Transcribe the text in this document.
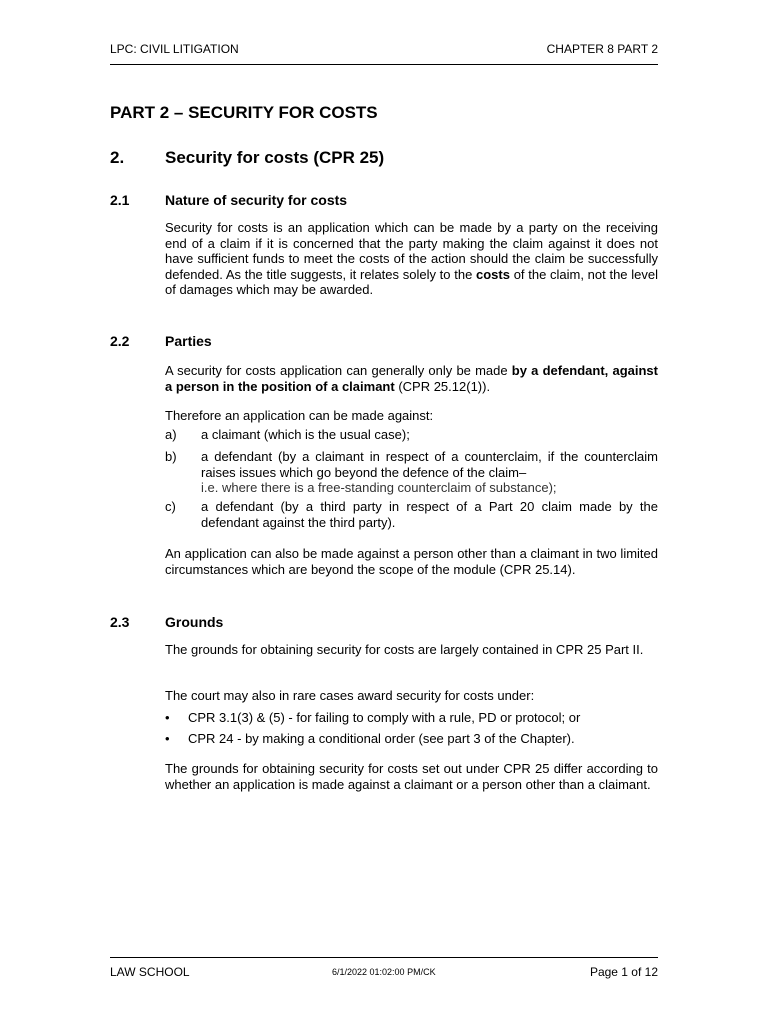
LPC: CIVIL LITIGATION	CHAPTER 8 PART 2
PART 2 – SECURITY FOR COSTS
2. Security for costs (CPR 25)
2.1	Nature of security for costs

Security for costs is an application which can be made by a party on the receiving end of a claim if it is concerned that the party making the claim against it does not have sufficient funds to meet the costs of the action should the claim be successfully defended. As the title suggests, it relates solely to the costs of the claim, not the level of damages which may be awarded.

2.2	Parties

A security for costs application can generally only be made by a defendant, against a person in the position of a claimant (CPR 25.12(1)).

Therefore an application can be made against:

a) a claimant (which is the usual case);
b) a defendant (by a claimant in respect of a counterclaim, if the counterclaim raises issues which go beyond the defence of the claim–
i.e. where there is a free-standing counterclaim of substance);
c) a defendant (by a third party in respect of a Part 20 claim made by the defendant against the third party).

An application can also be made against a person other than a claimant in two limited circumstances which are beyond the scope of the module (CPR 25.14).

2.3	Grounds

The grounds for obtaining security for costs are largely contained in CPR 25 Part II.

The court may also in rare cases award security for costs under:

• CPR 3.1(3) & (5) - for failing to comply with a rule, PD or protocol; or
• CPR 24 - by making a conditional order (see part 3 of the Chapter).

The grounds for obtaining security for costs set out under CPR 25 differ according to whether an application is made against a claimant or a person other than a claimant.

LAW SCHOOL	6/1/2022 01:02:00 PM/CK	Page 1 of 12
